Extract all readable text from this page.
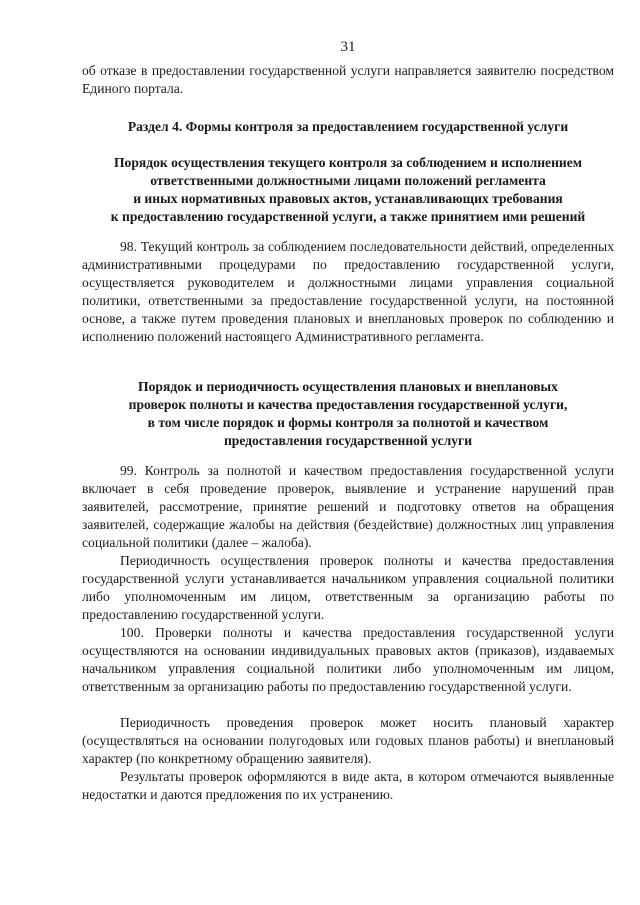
31

об отказе в предоставлении государственной услуги направляется заявителю посредством Единого портала.

Раздел 4. Формы контроля за предоставлением государственной услуги

Порядок осуществления текущего контроля за соблюдением и исполнением
ответственными должностными лицами положений регламента
и иных нормативных правовых актов, устанавливающих требования
к предоставлению государственной услуги, а также принятием ими решений

98. Текущий контроль за соблюдением последовательности действий, определенных административными процедурами по предоставлению государственной услуги, осуществляется руководителем и должностными лицами управления социальной политики, ответственными за предоставление государственной услуги, на постоянной основе, а также путем проведения плановых и внеплановых проверок по соблюдению и исполнению положений настоящего Административного регламента.

Порядок и периодичность осуществления плановых и внеплановых
проверок полноты и качества предоставления государственной услуги,
в том числе порядок и формы контроля за полнотой и качеством
предоставления государственной услуги

99. Контроль за полнотой и качеством предоставления государственной услуги включает в себя проведение проверок, выявление и устранение нарушений прав заявителей, рассмотрение, принятие решений и подготовку ответов на обращения заявителей, содержащие жалобы на действия (бездействие) должностных лиц управления социальной политики (далее – жалоба).

Периодичность осуществления проверок полноты и качества предоставления государственной услуги устанавливается начальником управления социальной политики либо уполномоченным им лицом, ответственным за организацию работы по предоставлению государственной услуги.

100. Проверки полноты и качества предоставления государственной услуги осуществляются на основании индивидуальных правовых актов (приказов), издаваемых начальником управления социальной политики либо уполномоченным им лицом, ответственным за организацию работы по предоставлению государственной услуги.

Периодичность проведения проверок может носить плановый характер (осуществляться на основании полугодовых или годовых планов работы) и внеплановый характер (по конкретному обращению заявителя).

Результаты проверок оформляются в виде акта, в котором отмечаются выявленные недостатки и даются предложения по их устранению.
